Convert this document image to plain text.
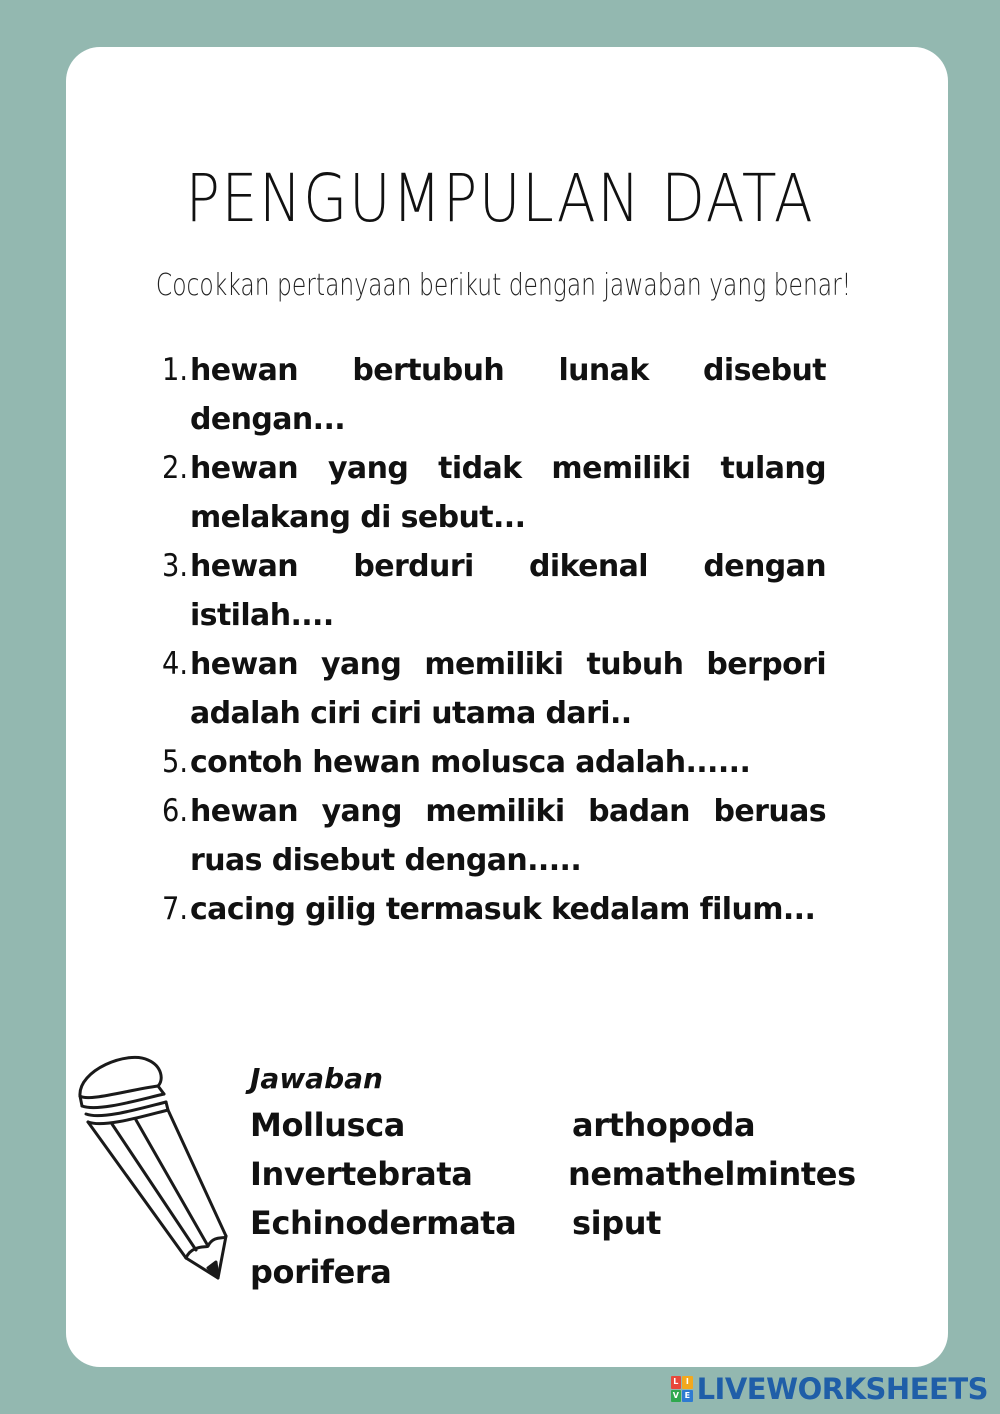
PENGUMPULAN DATA
Cocokkan pertanyaan berikut dengan jawaban yang benar!
1. hewan bertubuh lunak disebut dengan...
2. hewan yang tidak memiliki tulang melakang di sebut...
3. hewan berduri dikenal dengan istilah....
4. hewan yang memiliki tubuh berpori adalah ciri ciri utama dari..
5. contoh hewan molusca adalah......
6. hewan yang memiliki badan beruas ruas disebut dengan.....
7. cacing gilig termasuk kedalam filum...
Jawaban
Mollusca
Invertebrata
Echinodermata
porifera
arthopoda
nemathelmintes
siput
L I
V E LIVEWORKSHEETS
